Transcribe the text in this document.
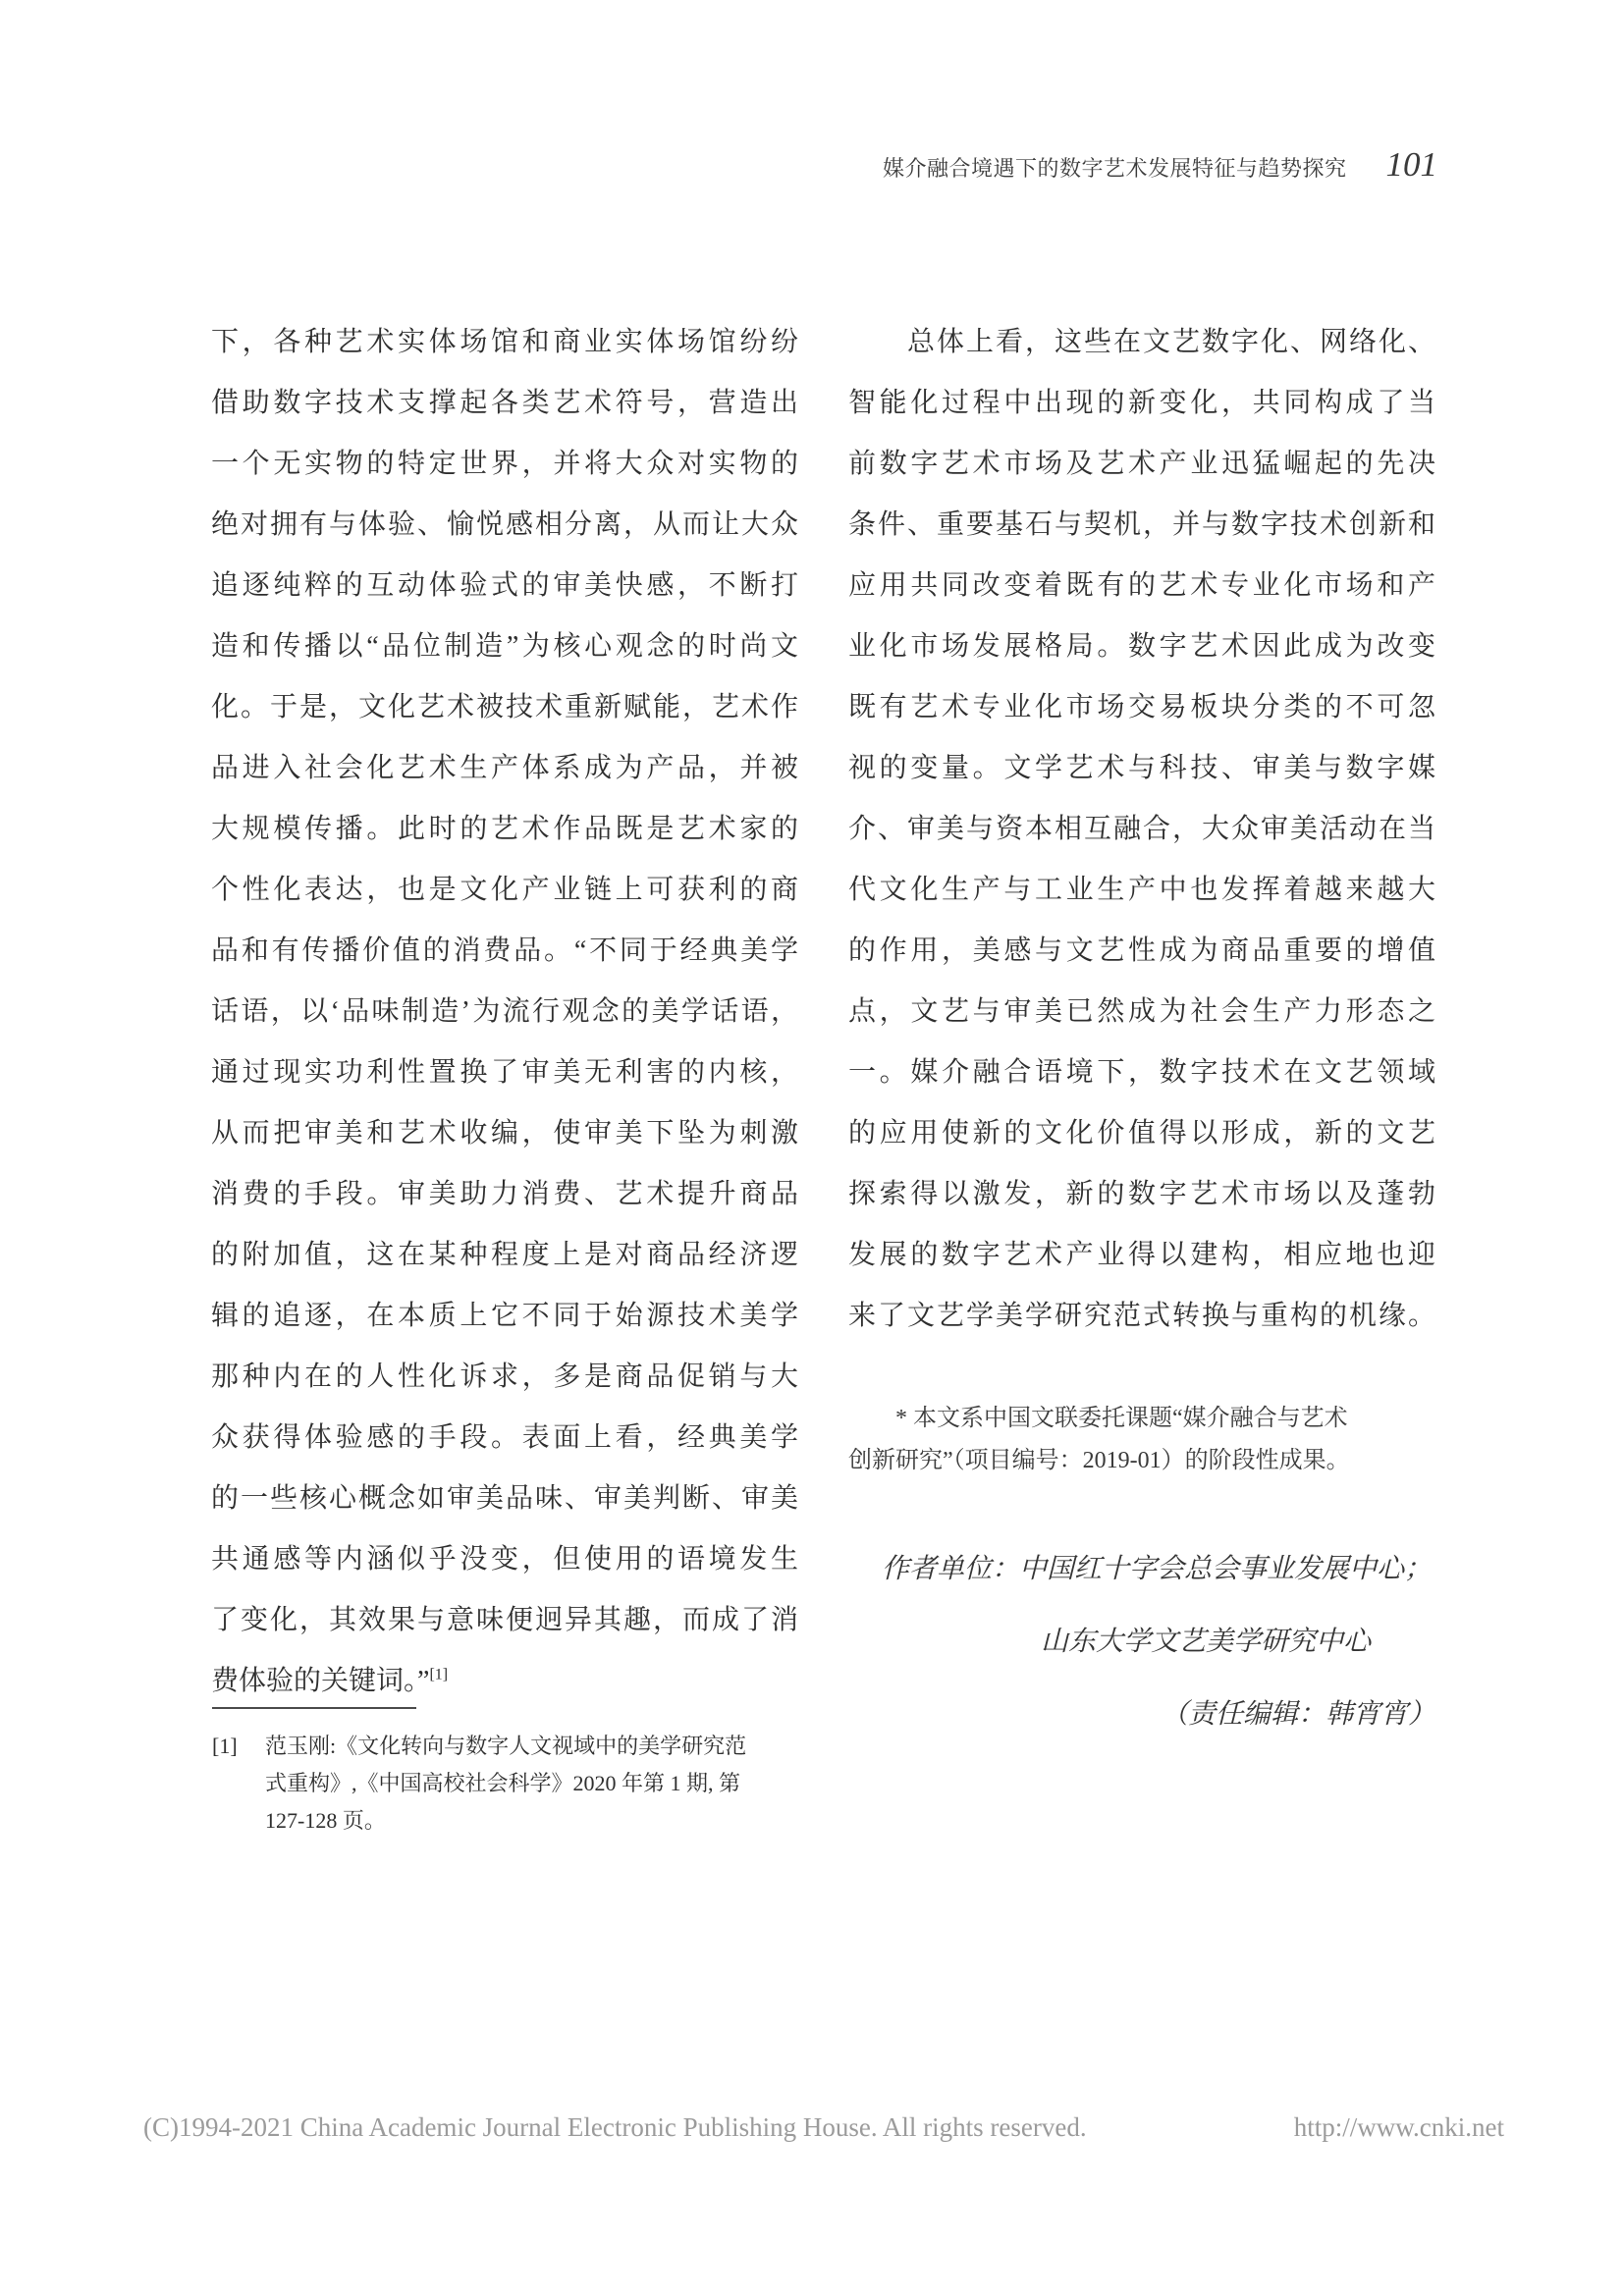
媒介融合境遇下的数字艺术发展特征与趋势探究 101
下，各种艺术实体场馆和商业实体场馆纷纷
借助数字技术支撑起各类艺术符号，营造出
一个无实物的特定世界，并将大众对实物的
绝对拥有与体验、愉悦感相分离，从而让大众
追逐纯粹的互动体验式的审美快感，不断打
造和传播以“品位制造”为核心观念的时尚文
化。于是，文化艺术被技术重新赋能，艺术作
品进入社会化艺术生产体系成为产品，并被
大规模传播。此时的艺术作品既是艺术家的
个性化表达，也是文化产业链上可获利的商
品和有传播价值的消费品。“不同于经典美学
话语，以‘品味制造’为流行观念的美学话语，
通过现实功利性置换了审美无利害的内核，
从而把审美和艺术收编，使审美下坠为刺激
消费的手段。审美助力消费、艺术提升商品
的附加值，这在某种程度上是对商品经济逻
辑的追逐，在本质上它不同于始源技术美学
那种内在的人性化诉求，多是商品促销与大
众获得体验感的手段。表面上看，经典美学
的一些核心概念如审美品味、审美判断、审美
共通感等内涵似乎没变，但使用的语境发生
了变化，其效果与意味便迥异其趣，而成了消
费体验的关键词。”[1]
　　总体上看，这些在文艺数字化、网络化、
智能化过程中出现的新变化，共同构成了当
前数字艺术市场及艺术产业迅猛崛起的先决
条件、重要基石与契机，并与数字技术创新和
应用共同改变着既有的艺术专业化市场和产
业化市场发展格局。数字艺术因此成为改变
既有艺术专业化市场交易板块分类的不可忽
视的变量。文学艺术与科技、审美与数字媒
介、审美与资本相互融合，大众审美活动在当
代文化生产与工业生产中也发挥着越来越大
的作用，美感与文艺性成为商品重要的增值
点，文艺与审美已然成为社会生产力形态之
一。媒介融合语境下，数字技术在文艺领域
的应用使新的文化价值得以形成，新的文艺
探索得以激发，新的数字艺术市场以及蓬勃
发展的数字艺术产业得以建构，相应地也迎
来了文艺学美学研究范式转换与重构的机缘。
[1] 范玉刚:《文化转向与数字人文视域中的美学研究范
式重构》,《中国高校社会科学》2020 年第 1 期, 第
127-128 页。
　　* 本文系中国文联委托课题“媒介融合与艺术
创新研究”（项目编号：2019-01）的阶段性成果。
作者单位：中国红十字会总会事业发展中心；
山东大学文艺美学研究中心
（责任编辑：韩宵宵）
(C)1994-2021 China Academic Journal Electronic Publishing House. All rights reserved.	http://www.cnki.net
